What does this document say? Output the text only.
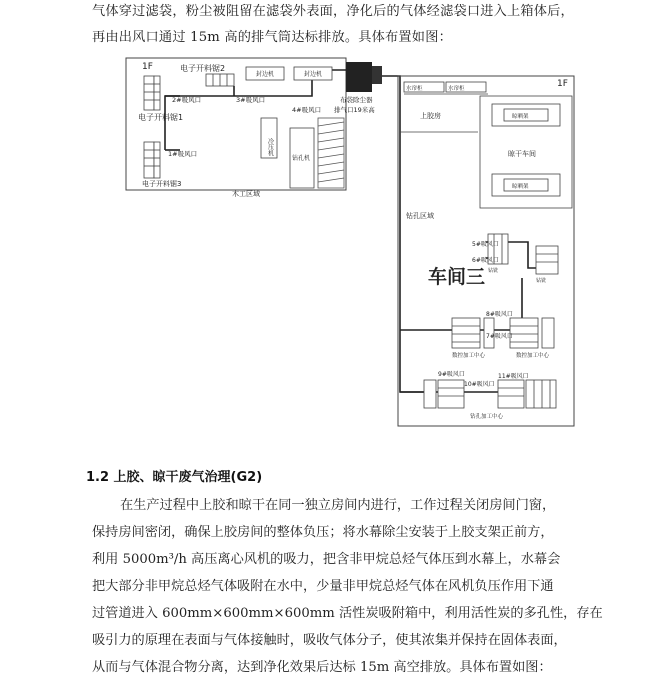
气体穿过滤袋，粉尘被阻留在滤袋外表面，净化后的气体经滤袋口进入上箱体后，
再由出风口通过 15m 高的排气筒达标排放。具体布置如图：
1F	电子开料锯2
电子开料锯1
电子开料锯3
2#吸风口	3#吸风口
4#吸风口
1#吸风口
封边机	封边机
冷压机
钻孔机
布袋除尘器
排气口19米高
木工区域
1F
水帘柜	水帘柜
上胶房	晾晒架
晾干车间
晾晒架
钻孔区域
车间三
5#吸风口
6#吸风口
钻铣
钻铣
8#吸风口
7#吸风口
数控加工中心	数控加工中心
10#吸风口
11#吸风口
9#吸风口
钻孔加工中心
1.2 上胶、晾干废气治理(G2)
在生产过程中上胶和晾干在同一独立房间内进行，工作过程关闭房间门窗，
保持房间密闭，确保上胶房间的整体负压；将水幕除尘安装于上胶支架正前方，
利用 5000m³/h 高压离心风机的吸力，把含非甲烷总烃气体压到水幕上，水幕会
把大部分非甲烷总烃气体吸附在水中，少量非甲烷总烃气体在风机负压作用下通
过管道进入 600mm×600mm×600mm 活性炭吸附箱中，利用活性炭的多孔性，存在
吸引力的原理在表面与气体接触时，吸收气体分子，使其浓集并保持在固体表面，
从而与气体混合物分离，达到净化效果后达标 15m 高空排放。具体布置如图：
